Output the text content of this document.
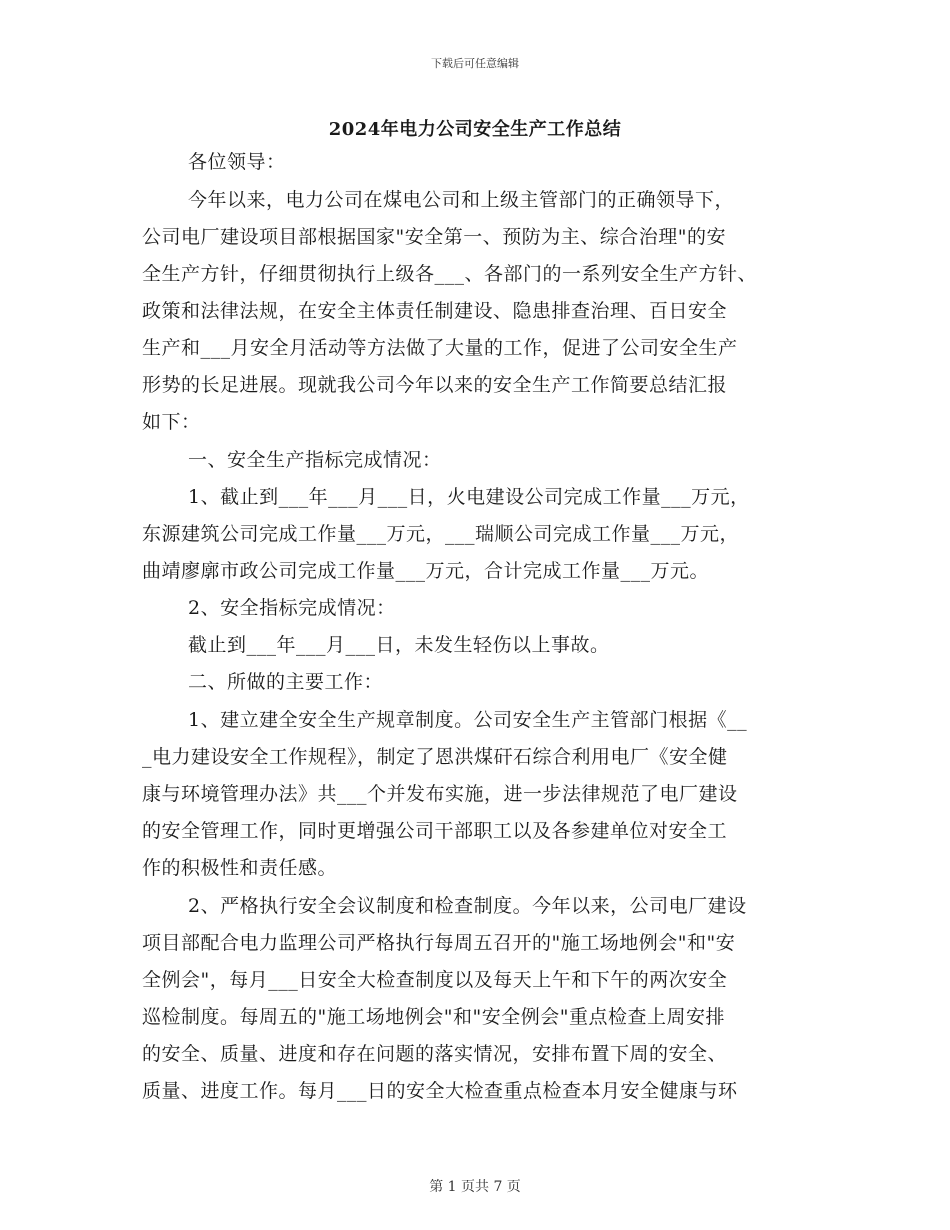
下载后可任意编辑
2024年电力公司安全生产工作总结
各位领导：
今年以来，电力公司在煤电公司和上级主管部门的正确领导下，
公司电厂建设项目部根据国家"安全第一、预防为主、综合治理"的安
全生产方针，仔细贯彻执行上级各___、各部门的一系列安全生产方针、
政策和法律法规，在安全主体责任制建设、隐患排查治理、百日安全
生产和___月安全月活动等方法做了大量的工作，促进了公司安全生产
形势的长足进展。现就我公司今年以来的安全生产工作简要总结汇报
如下：
一、安全生产指标完成情况：
1、截止到___年___月___日，火电建设公司完成工作量___万元，
东源建筑公司完成工作量___万元，___瑞顺公司完成工作量___万元，
曲靖廖廓市政公司完成工作量___万元，合计完成工作量___万元。
2、安全指标完成情况：
截止到___年___月___日，未发生轻伤以上事故。
二、所做的主要工作：
1、建立建全安全生产规章制度。公司安全生产主管部门根据《__
_电力建设安全工作规程》，制定了恩洪煤矸石综合利用电厂《安全健
康与环境管理办法》共___个并发布实施，进一步法律规范了电厂建设
的安全管理工作，同时更增强公司干部职工以及各参建单位对安全工
作的积极性和责任感。
2、严格执行安全会议制度和检查制度。今年以来，公司电厂建设
项目部配合电力监理公司严格执行每周五召开的"施工场地例会"和"安
全例会"，每月___日安全大检查制度以及每天上午和下午的两次安全
巡检制度。每周五的"施工场地例会"和"安全例会"重点检查上周安排
的安全、质量、进度和存在问题的落实情况，安排布置下周的安全、
质量、进度工作。每月___日的安全大检查重点检查本月安全健康与环
第 1 页共 7 页
